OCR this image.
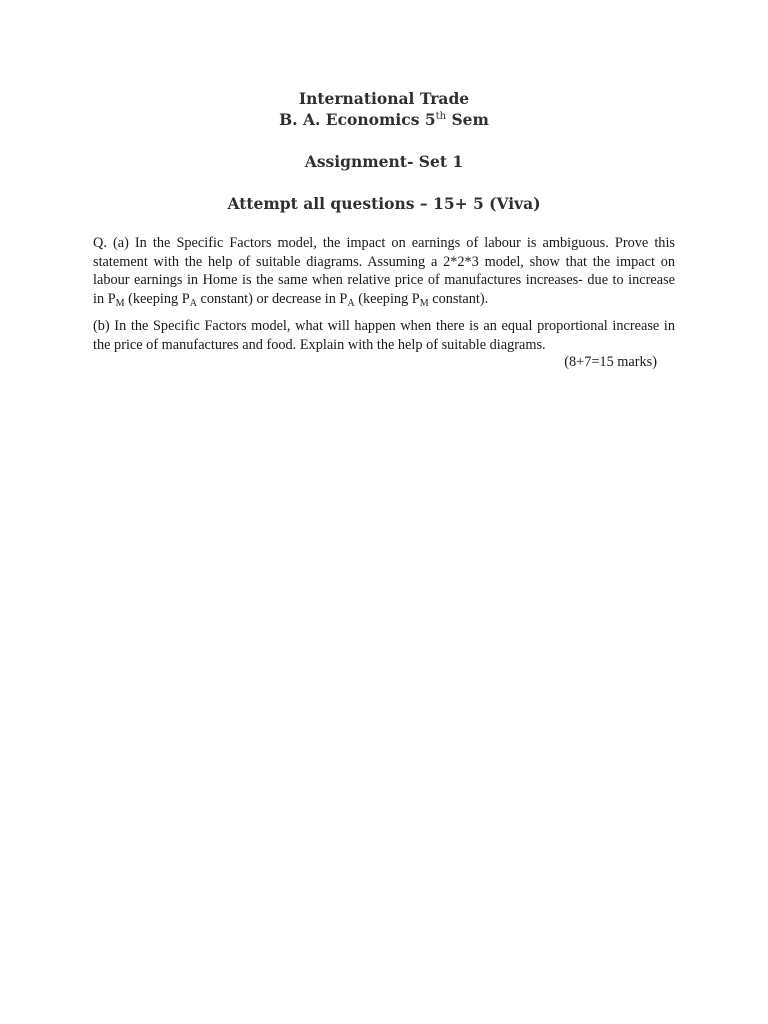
International Trade
B. A. Economics 5th Sem
Assignment- Set 1
Attempt all questions – 15+ 5 (Viva)
Q. (a) In the Specific Factors model, the impact on earnings of labour is ambiguous. Prove this statement with the help of suitable diagrams. Assuming a 2*2*3 model, show that the impact on labour earnings in Home is the same when relative price of manufactures increases- due to increase in $P_M$ (keeping $P_A$ constant) or decrease in $P_A$ (keeping $P_M$ constant).
(b) In the Specific Factors model, what will happen when there is an equal proportional increase in the price of manufactures and food. Explain with the help of suitable diagrams.
(8+7=15 marks)
